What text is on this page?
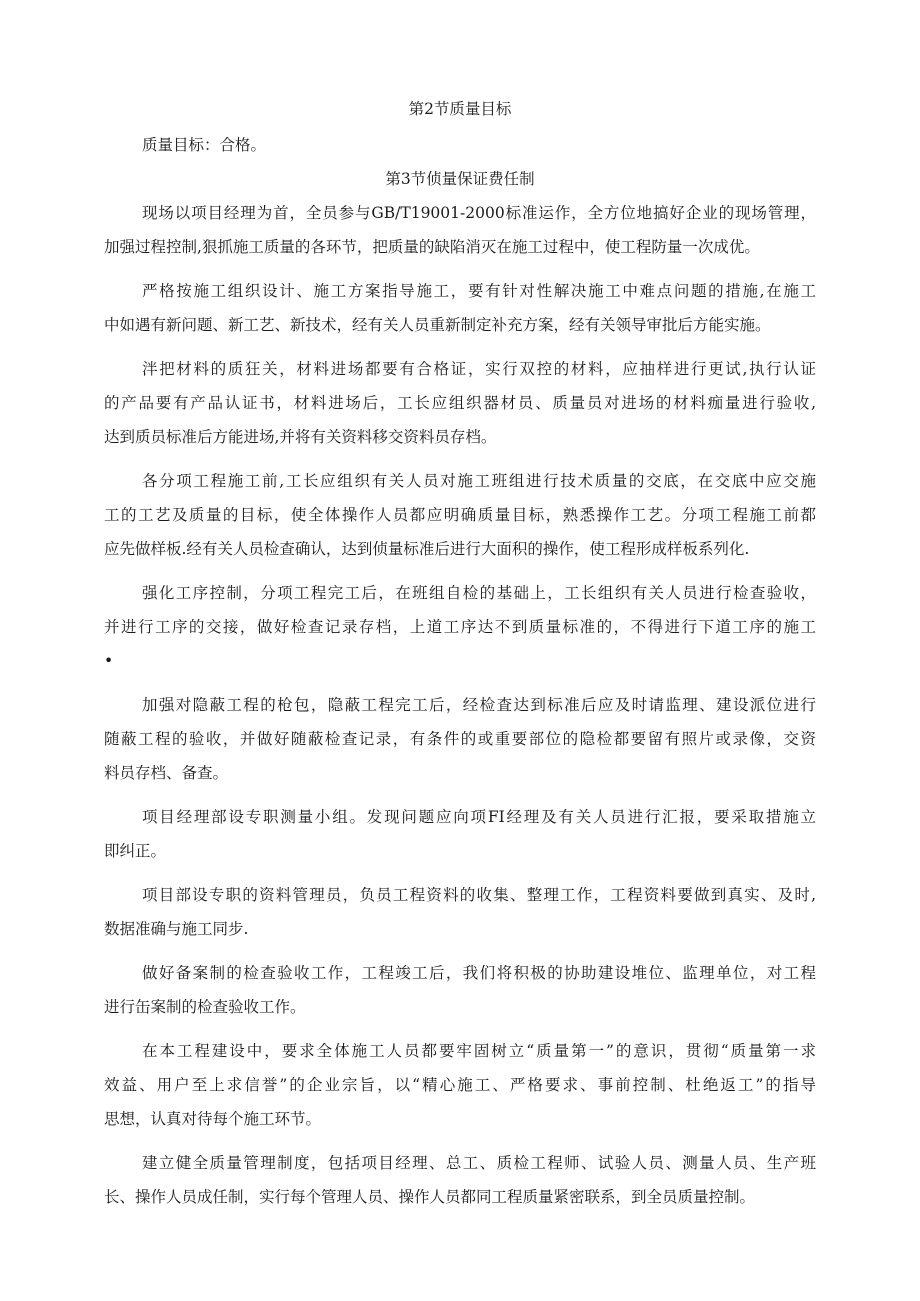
第2节质量目标

质量目标：合格。

第3节侦量保证费任制
现场以项目经理为首，全员参与GB/T19001-2000标准运作，全方位地搞好企业的现场管理，
加强过程控制,狠抓施工质量的各环节，把质量的缺陷消灭在施工过程中，使工程防量一次成优。
严格按施工组织设计、施工方案指导施工，要有针对性解决施工中难点问题的措施,在施工
中如遇有新问题、新工艺、新技术，经有关人员重新制定补充方案，经有关领导审批后方能实施。
泮把材料的质狂关，材料进场都要有合格证，实行双控的材料，应抽样进行更试,执行认证
的产品要有产品认证书，材料进场后，工长应组织器材员、质量员对进场的材料痂量进行验收,
达到质员标准后方能进场,并将有关资料移交资料员存档。
各分项工程施工前,工长应组织有关人员对施工班组进行技术质量的交底，在交底中应交施
工的工艺及质量的目标，使全体操作人员都应明确质量目标，熟悉操作工艺。分项工程施工前都
应先做样板.经有关人员检查确认，达到侦量标准后进行大面积的操作，使工程形成样板系列化.
强化工序控制，分项工程完工后，在班组自检的基础上，工长组织有关人员进行检查验收，
并进行工序的交接，做好检查记录存档，上道工序达不到质量标准的，不得进行下道工序的施工
•
加强对隐蔽工程的枪包，隐蔽工程完工后，经检査达到标准后应及时请监理、建设派位进行
随蔽工程的验收，并做好随蔽检查记录，有条件的或重要部位的隐检都要留有照片或录像，交资
料员存档、备查。
项目经理部设专职测量小组。发现问题应向项FI经理及有关人员进行汇报，要采取措施立
即纠正。
项目部设专职的资料管理员，负员工程资料的收集、整理工作，工程资料要做到真实、及时,
数据准确与施工同步.
做好备案制的检查验收工作，工程竣工后，我们将积极的协助建设堆位、监理单位，对工程
进行缶案制的检查验收工作。
在本工程建设中，要求全体施工人员都要牢固树立“质量第一”的意识，贯彻“质量第一求
效益、用户至上求信誉”的企业宗旨，以“精心施工、严格要求、事前控制、杜绝返工”的指导
思想，认真对待每个施工环节。
建立健全质量管理制度，包括项目经理、总工、质检工程师、试验人员、测量人员、生产班
长、操作人员成任制，实行每个管理人员、操作人员都同工程质量紧密联系，到全员质量控制。
